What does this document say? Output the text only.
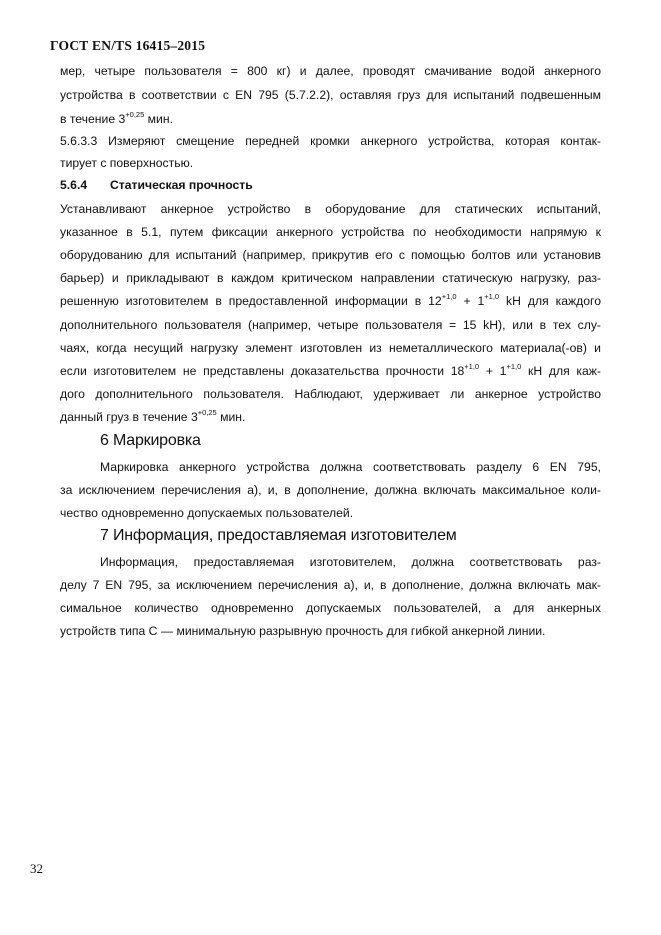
ГОСТ EN/TS 16415–2015
мер, четыре пользователя = 800 кг) и далее, проводят смачивание водой анкерного
устройства в соответствии с EN 795 (5.7.2.2), оставляя груз для испытаний подвешенным
в течение $3^{+0,25}$ мин.
5.6.3.3 Измеряют смещение передней кромки анкерного устройства, которая контак-
тирует с поверхностью.
5.6.4 Статическая прочность
Устанавливают анкерное устройство в оборудование для статических испытаний,
указанное в 5.1, путем фиксации анкерного устройства по необходимости напрямую к
оборудованию для испытаний (например, прикрутив его с помощью болтов или установив
барьер) и прикладывают в каждом критическом направлении статическую нагрузку, раз-
решенную изготовителем в предоставленной информации в $12^{+1,0} + 1^{+1,0}$ kH для каждого
дополнительного пользователя (например, четыре пользователя = 15 kH), или в тех слу-
чаях, когда несущий нагрузку элемент изготовлен из неметаллического материала(-ов) и
если изготовителем не представлены доказательства прочности $18^{+1,0} + 1^{+1,0}$ кН для каж-
дого дополнительного пользователя. Наблюдают, удерживает ли анкерное устройство
данный груз в течение $3^{+0,25}$ мин.
6 Маркировка
Маркировка анкерного устройства должна соответствовать разделу 6 EN 795,
за исключением перечисления а), и, в дополнение, должна включать максимальное коли-
чество одновременно допускаемых пользователей.
7 Информация, предоставляемая изготовителем
Информация, предоставляемая изготовителем, должна соответствовать раз-
делу 7 EN 795, за исключением перечисления а), и, в дополнение, должна включать мак-
симальное количество одновременно допускаемых пользователей, а для анкерных
устройств типа С — минимальную разрывную прочность для гибкой анкерной линии.
32
